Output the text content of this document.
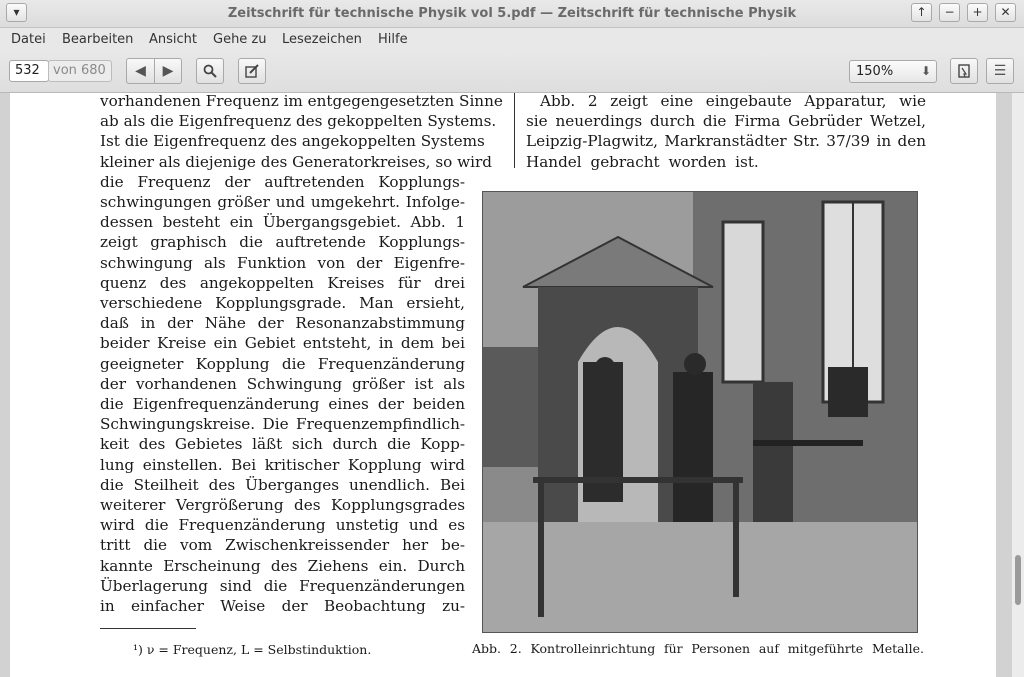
▾	Zeitschrift für technische Physik vol 5.pdf — Zeitschrift für technische Physik	↑	−	+	✕
Datei Bearbeiten Ansicht Gehe zu Lesezeichen Hilfe
532	von 680	◀	▶	150% ⬇	☰
vorhandenen Frequenz im entgegengesetzten Sinne
ab als die Eigenfrequenz des gekoppelten Systems.
Ist die Eigenfrequenz des angekoppelten Systems
kleiner als diejenige des Generatorkreises, so wird
die Frequenz der auftretenden Kopplungs-
schwingungen größer und umgekehrt. Infolge-
dessen besteht ein Übergangsgebiet. Abb. 1
zeigt graphisch die auftretende Kopplungs-
schwingung als Funktion von der Eigenfre-
quenz des angekoppelten Kreises für drei
verschiedene Kopplungsgrade. Man ersieht,
daß in der Nähe der Resonanzabstimmung
beider Kreise ein Gebiet entsteht, in dem bei
geeigneter Kopplung die Frequenzänderung
der vorhandenen Schwingung größer ist als
die Eigenfrequenzänderung eines der beiden
Schwingungskreise. Die Frequenzempfindlich-
keit des Gebietes läßt sich durch die Kopp-
lung einstellen. Bei kritischer Kopplung wird
die Steilheit des Überganges unendlich. Bei
weiterer Vergrößerung des Kopplungsgrades
wird die Frequenzänderung unstetig und es
tritt die vom Zwischenkreissender her be-
kannte Erscheinung des Ziehens ein. Durch
Überlagerung sind die Frequenzänderungen
in einfacher Weise der Beobachtung zu-
Abb. 2 zeigt eine eingebaute Apparatur, wie
sie neuerdings durch die Firma Gebrüder Wetzel,
Leipzig-Plagwitz, Markranstädter Str. 37/39 in den
Handel gebracht worden ist.
¹) ν = Frequenz, L = Selbstinduktion.	Abb. 2. Kontrolleinrichtung für Personen auf mitgeführte Metalle.
